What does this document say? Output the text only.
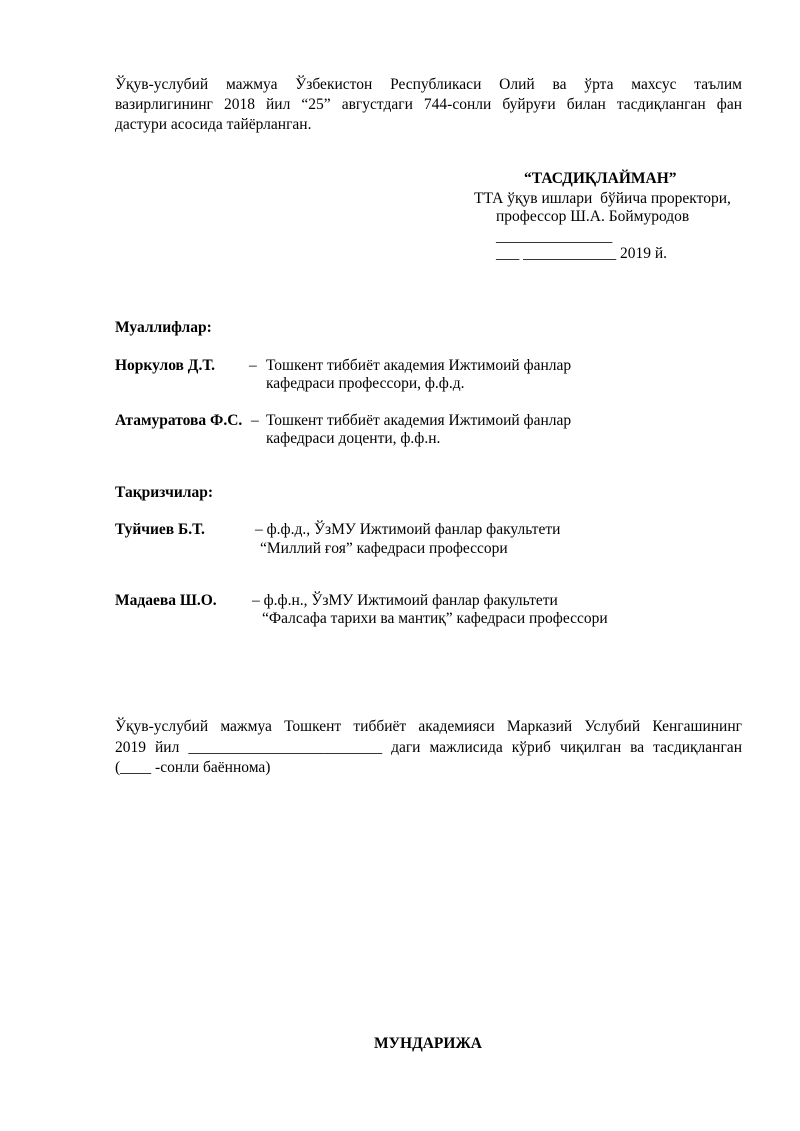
Ўқув-услубий мажмуа Ўзбекистон Республикаси Олий ва ўрта махсус таълим
вазирлигининг 2018 йил “25” августдаги 744-сонли буйруғи билан тасдиқланган фан
дастури асосида тайёрланган.
“ТАСДИҚЛАЙМАН”
ТТА ўқув ишлари  бўйича проректори,
профессор Ш.А. Боймуродов
_______________
___ ____________ 2019 й.
Муаллифлар:
Норкулов Д.Т. – Тошкент тиббиёт академия Ижтимоий фанлар
кафедраси профессори, ф.ф.д.
Атамуратова Ф.С. – Тошкент тиббиёт академия Ижтимоий фанлар
кафедраси доценти, ф.ф.н.
Тақризчилар:
Туйчиев Б.Т.	– ф.ф.д., ЎзМУ Ижтимоий фанлар факультети
“Миллий ғоя” кафедраси профессори
Мадаева Ш.О. – ф.ф.н., ЎзМУ Ижтимоий фанлар факультети
“Фалсафа тарихи ва мантиқ” кафедраси профессори
Ўқув-услубий мажмуа Тошкент тиббиёт академияси Марказий Услубий Кенгашининг
2019 йил _________________________ даги мажлисида кўриб чиқилган ва тасдиқланган
(____ -сонли баённома)
МУНДАРИЖА
